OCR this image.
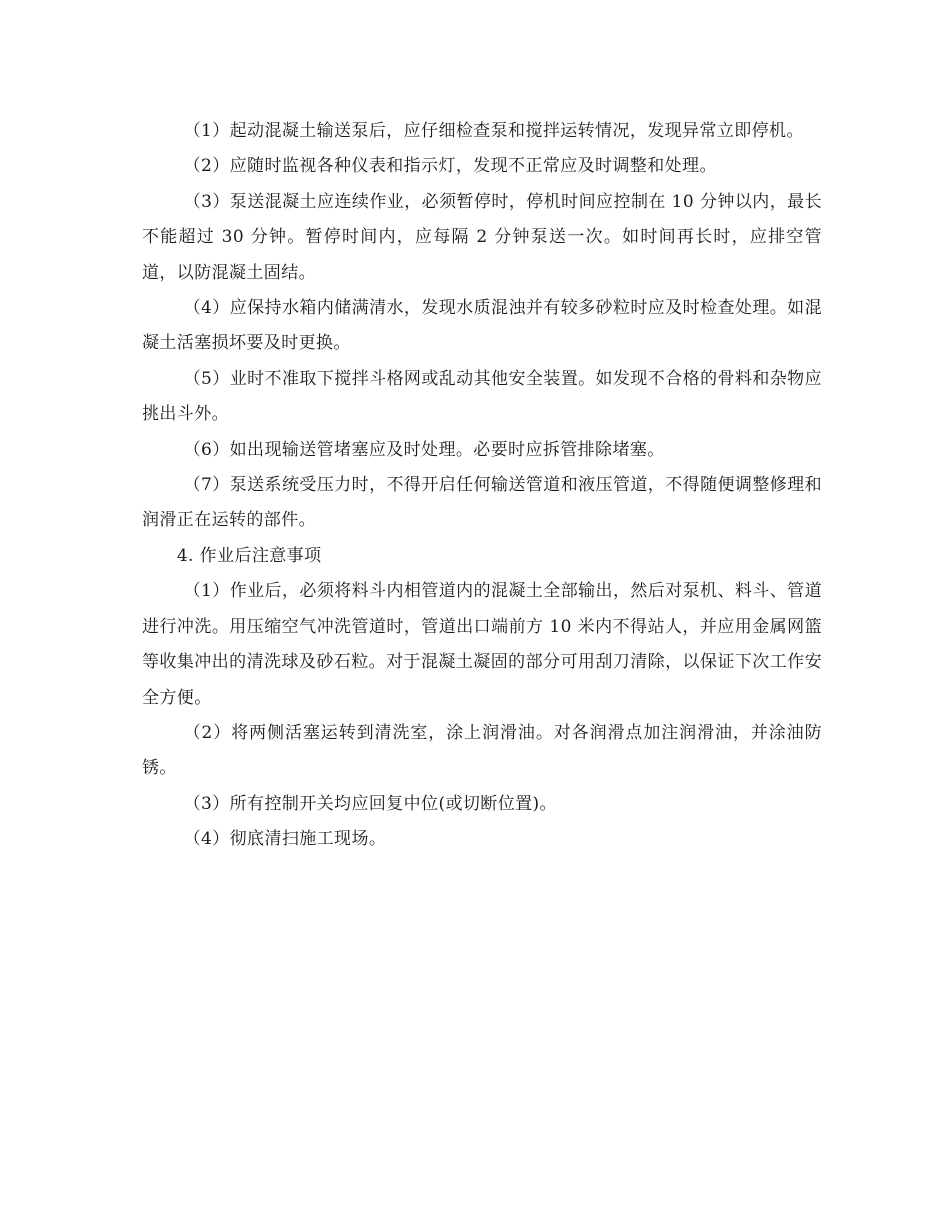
（1）起动混凝土输送泵后，应仔细检查泵和搅拌运转情况，发现异常立即停机。

（2）应随时监视各种仪表和指示灯，发现不正常应及时调整和处理。

（3）泵送混凝土应连续作业，必须暂停时，停机时间应控制在 10 分钟以内，最长不能超过 30 分钟。暂停时间内，应每隔 2 分钟泵送一次。如时间再长时，应排空管道，以防混凝土固结。

（4）应保持水箱内储满清水，发现水质混浊并有较多砂粒时应及时检查处理。如混凝土活塞损坏要及时更换。

（5）业时不准取下搅拌斗格网或乱动其他安全装置。如发现不合格的骨料和杂物应挑出斗外。

（6）如出现输送管堵塞应及时处理。必要时应拆管排除堵塞。

（7）泵送系统受压力时，不得开启任何输送管道和液压管道，不得随便调整修理和润滑正在运转的部件。

4. 作业后注意事项

（1）作业后，必须将料斗内相管道内的混凝土全部输出，然后对泵机、料斗、管道进行冲洗。用压缩空气冲洗管道时，管道出口端前方 10 米内不得站人，并应用金属网篮等收集冲出的清洗球及砂石粒。对于混凝土凝固的部分可用刮刀清除，以保证下次工作安全方便。

（2）将两侧活塞运转到清洗室，涂上润滑油。对各润滑点加注润滑油，并涂油防锈。

（3）所有控制开关均应回复中位(或切断位置)。

（4）彻底清扫施工现场。
